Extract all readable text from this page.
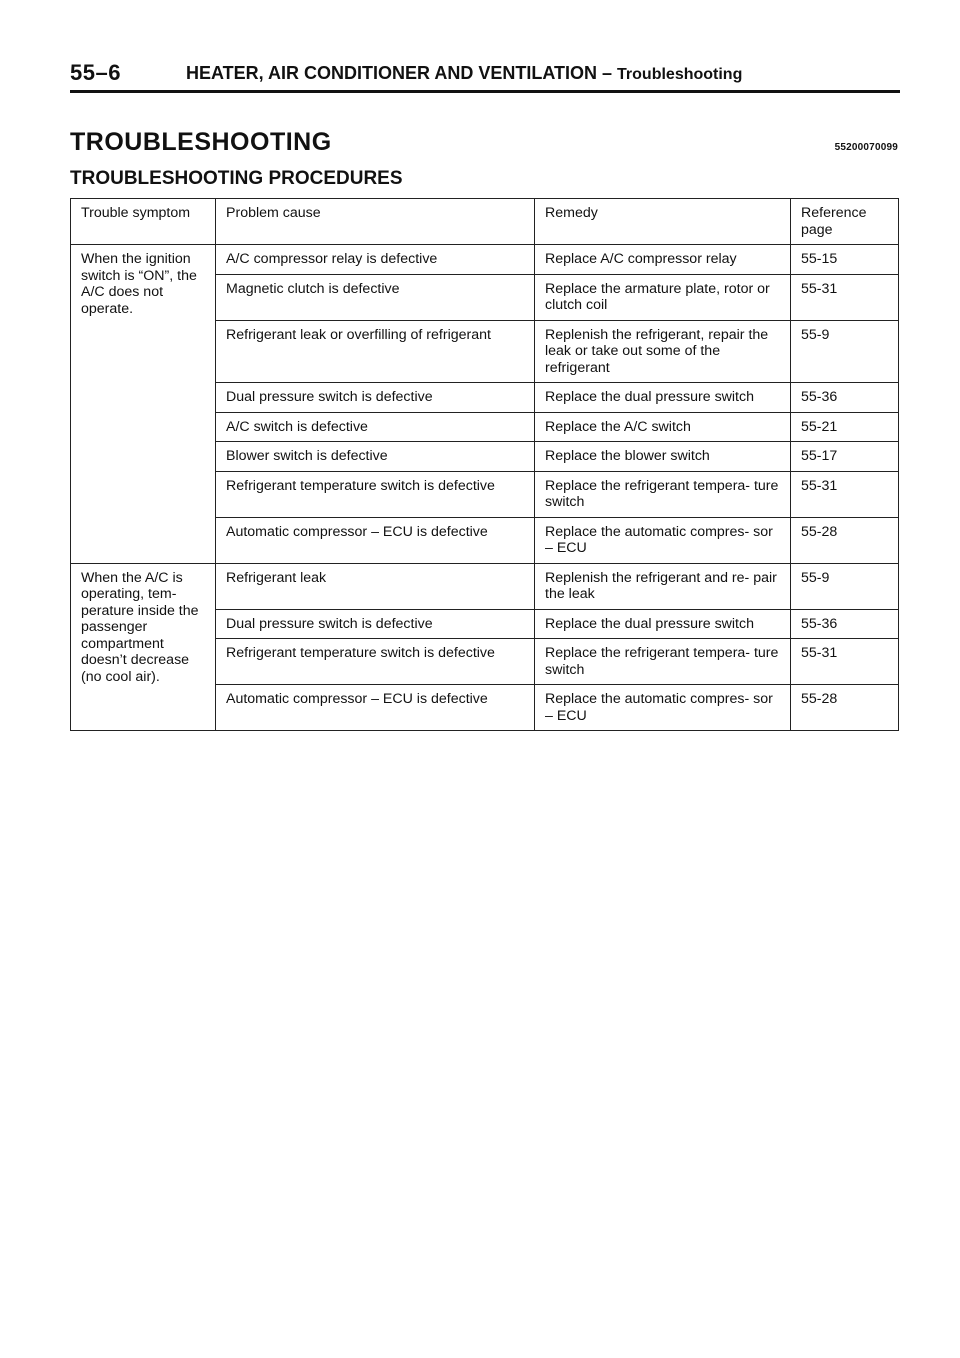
55–6	HEATER, AIR CONDITIONER AND VENTILATION – Troubleshooting
TROUBLESHOOTING	55200070099
TROUBLESHOOTING PROCEDURES
Trouble symptom	Problem cause	Remedy	Reference page
When the ignition switch is “ON”, the A/C does not operate.	A/C compressor relay is defective	Replace A/C compressor relay	55-15
	Magnetic clutch is defective	Replace the armature plate, rotor or clutch coil	55-31
	Refrigerant leak or overfilling of refrigerant	Replenish the refrigerant, repair the leak or take out some of the refrigerant	55-9
	Dual pressure switch is defective	Replace the dual pressure switch	55-36
	A/C switch is defective	Replace the A/C switch	55-21
	Blower switch is defective	Replace the blower switch	55-17
	Refrigerant temperature switch is defective	Replace the refrigerant tempera- ture switch	55-31
	Automatic compressor – ECU is defective	Replace the automatic compres- sor – ECU	55-28
When the A/C is operating, tem- perature inside the passenger compartment doesn’t decrease (no cool air).	Refrigerant leak	Replenish the refrigerant and re- pair the leak	55-9
	Dual pressure switch is defective	Replace the dual pressure switch	55-36
	Refrigerant temperature switch is defective	Replace the refrigerant tempera- ture switch	55-31
	Automatic compressor – ECU is defective	Replace the automatic compres- sor – ECU	55-28
